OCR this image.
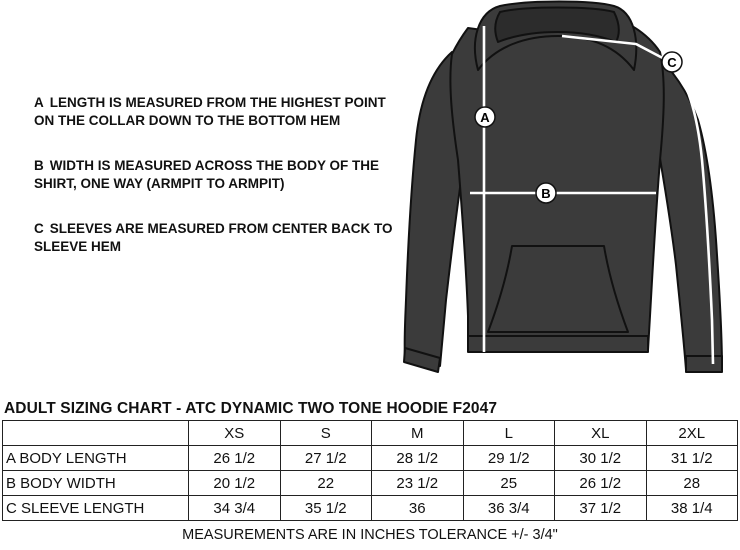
A LENGTH IS MEASURED FROM THE HIGHEST POINT ON THE COLLAR DOWN TO THE BOTTOM HEM

B WIDTH IS MEASURED ACROSS THE BODY OF THE SHIRT, ONE WAY (ARMPIT TO ARMPIT)

C SLEEVES ARE MEASURED FROM CENTER BACK TO SLEEVE HEM

A
B
C
ADULT SIZING CHART - ATC DYNAMIC TWO TONE HOODIE F2047
	XS	S	M	L	XL	2XL
A BODY LENGTH	26 1/2	27 1/2	28 1/2	29 1/2	30 1/2	31 1/2
B BODY WIDTH	20 1/2	22	23 1/2	25	26 1/2	28
C SLEEVE LENGTH	34 3/4	35 1/2	36	36 3/4	37 1/2	38 1/4
MEASUREMENTS ARE IN INCHES TOLERANCE +/- 3/4"
